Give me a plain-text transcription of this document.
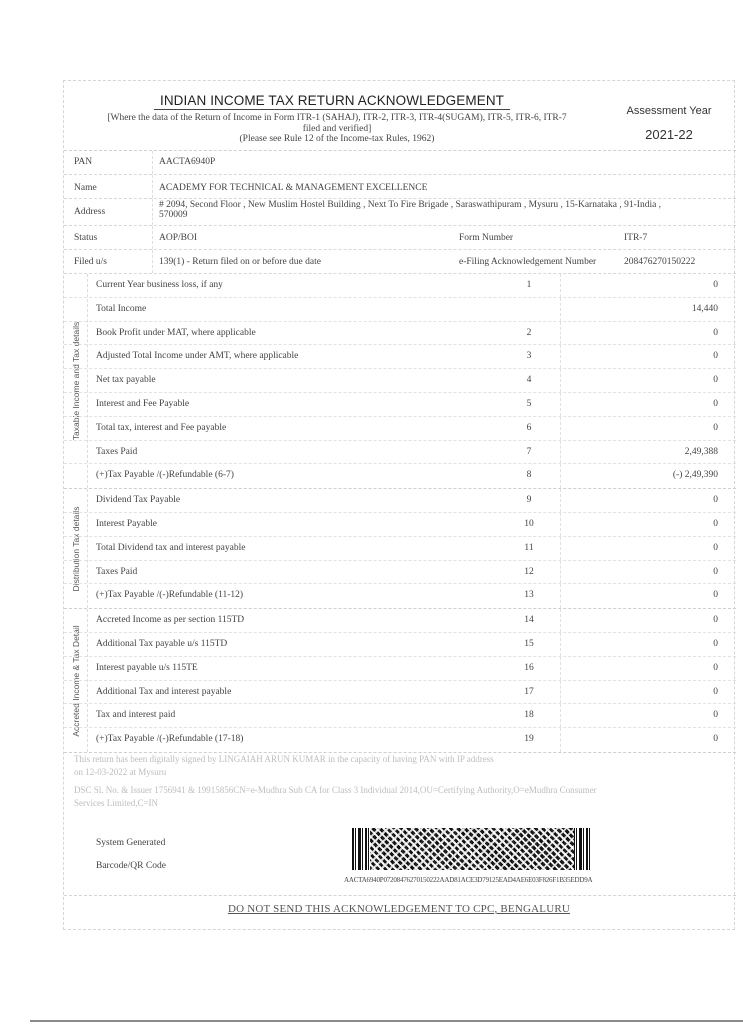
INDIAN INCOME TAX RETURN ACKNOWLEDGEMENT
[Where the data of the Return of Income in Form ITR-1 (SAHAJ), ITR-2, ITR-3, ITR-4(SUGAM), ITR-5, ITR-6, ITR-7
filed and verified]
(Please see Rule 12 of the Income-tax Rules, 1962)
Assessment Year
2021-22
PAN	AACTA6940P
Name	ACADEMY FOR TECHNICAL & MANAGEMENT EXCELLENCE
Address
# 2094, Second Floor , New Muslim Hostel Building , Next To Fire Brigade , Saraswathipuram , Mysuru , 15-Karnataka , 91-India ,
570009
Status	AOP/BOI	Form Number	ITR-7
Filed u/s	139(1) - Return filed on or before due date	e-Filing Acknowledgement Number	208476270150222
Taxable Income and Tax details
Current Year business loss, if any	1	0
Total Income	14,440
Book Profit under MAT, where applicable	2	0
Adjusted Total Income under AMT, where applicable	3	0
Net tax payable	4	0
Interest and Fee Payable	5	0
Total tax, interest and Fee payable	6	0
Taxes Paid	7	2,49,388
(+)Tax Payable /(-)Refundable (6-7)	8	(-) 2,49,390
Distribution Tax details
Dividend Tax Payable	9	0
Interest Payable	10	0
Total Dividend tax and interest payable	11	0
Taxes Paid	12	0
(+)Tax Payable /(-)Refundable (11-12)	13	0
Accreted Income & Tax Detail
Accreted Income as per section 115TD	14	0
Additional Tax payable u/s 115TD	15	0
Interest payable u/s 115TE	16	0
Additional Tax and interest payable	17	0
Tax and interest paid	18	0
(+)Tax Payable /(-)Refundable (17-18)	19	0

This return has been digitally signed by LINGAIAH ARUN KUMAR in the capacity of having PAN with IP address
on 12-03-2022 at Mysuru

DSC Sl. No. & Issuer 1756941 & 19915856CN=e-Mudhra Sub CA for Class 3 Individual 2014,OU=Certifying Authority,O=eMudhra Consumer
Services Limited,C=IN

System Generated
Barcode/QR Code
AACTA6940P07208476270150222AAD81ACE3D79125EAD4AE6E03F826F1B35EDD9A
DO NOT SEND THIS ACKNOWLEDGEMENT TO CPC, BENGALURU
